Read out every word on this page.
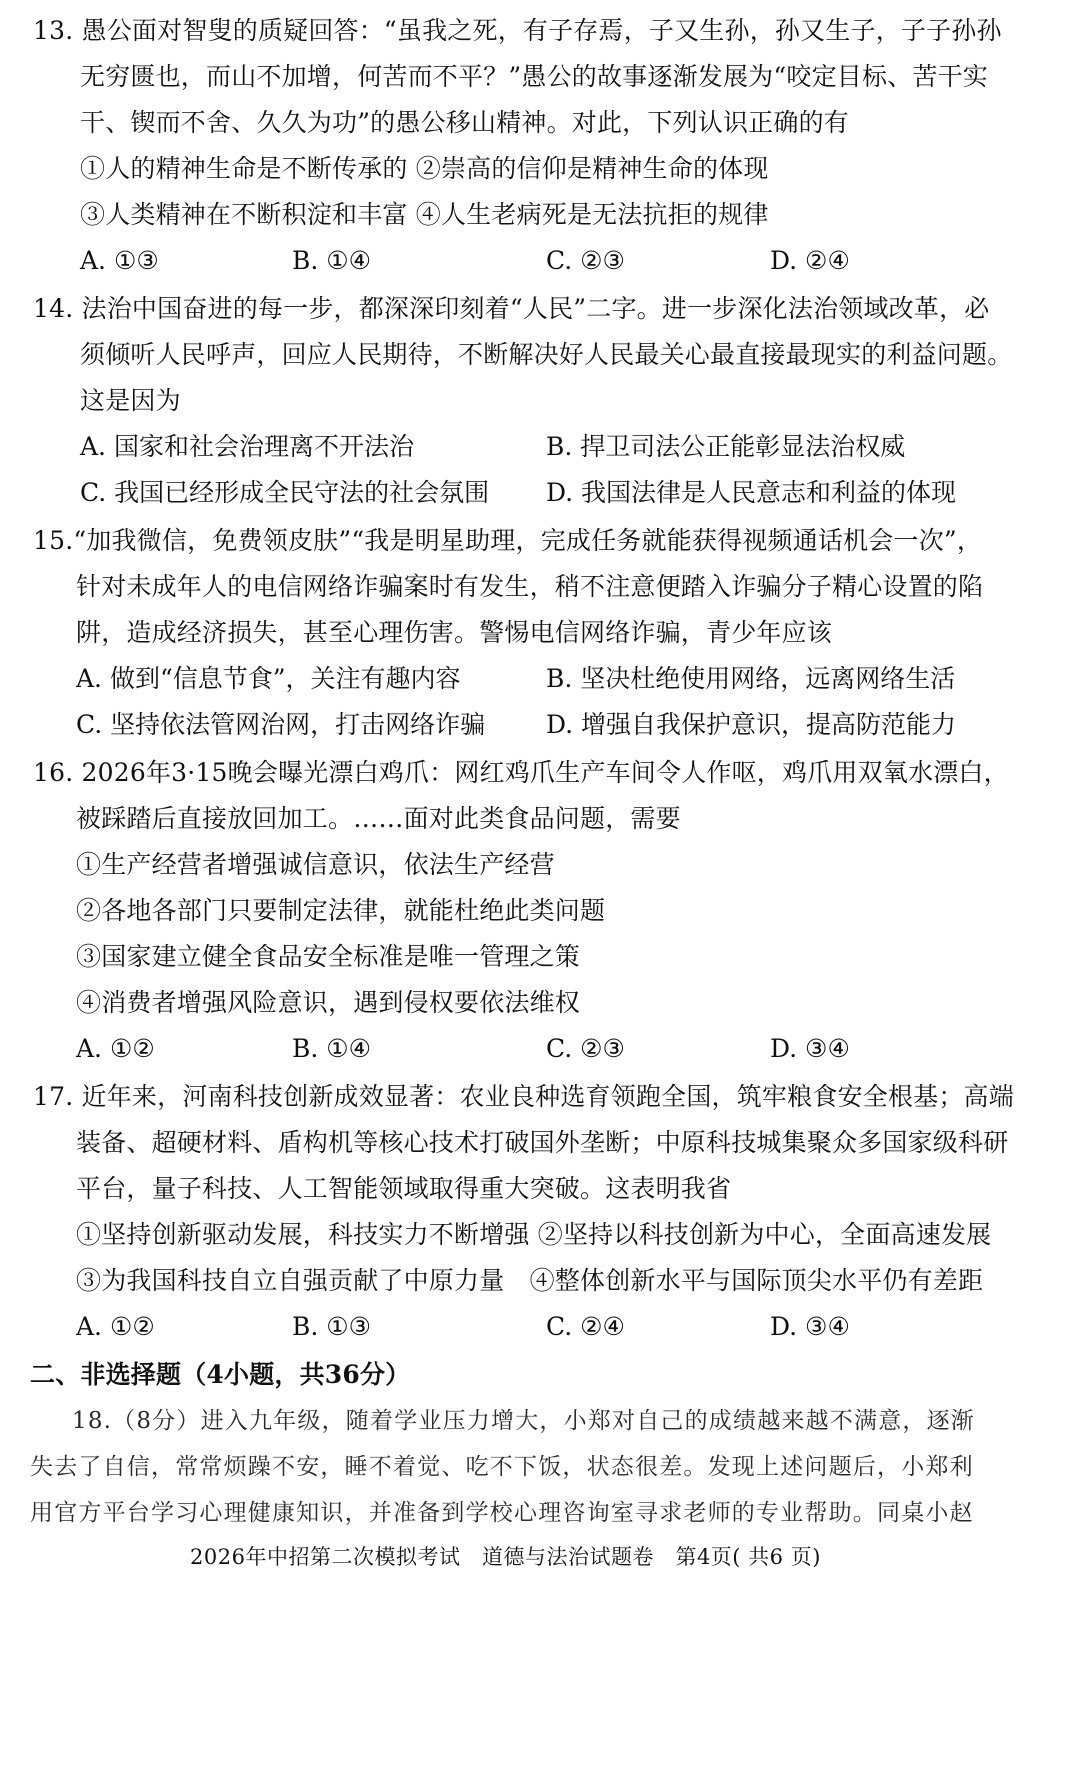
13. 愚公面对智叟的质疑回答：“虽我之死，有子存焉，子又生孙，孙又生子，子子孙孙
无穷匮也，而山不加增，何苦而不平？”愚公的故事逐渐发展为“咬定目标、苦干实
干、锲而不舍、久久为功”的愚公移山精神。对此，下列认识正确的有
①人的精神生命是不断传承的 ②崇高的信仰是精神生命的体现
③人类精神在不断积淀和丰富 ④人生老病死是无法抗拒的规律
A. ①③	B. ①④	C. ②③	D. ②④
14. 法治中国奋进的每一步，都深深印刻着“人民”二字。进一步深化法治领域改革，必
须倾听人民呼声，回应人民期待，不断解决好人民最关心最直接最现实的利益问题。
这是因为
A. 国家和社会治理离不开法治	B. 捍卫司法公正能彰显法治权威
C. 我国已经形成全民守法的社会氛围 D. 我国法律是人民意志和利益的体现
15.“加我微信，免费领皮肤”“我是明星助理，完成任务就能获得视频通话机会一次”，
针对未成年人的电信网络诈骗案时有发生，稍不注意便踏入诈骗分子精心设置的陷
阱，造成经济损失，甚至心理伤害。警惕电信网络诈骗，青少年应该
A. 做到“信息节食”，关注有趣内容	B. 坚决杜绝使用网络，远离网络生活
C. 坚持依法管网治网，打击网络诈骗 D. 增强自我保护意识，提高防范能力
16. 2026年3·15晚会曝光漂白鸡爪：网红鸡爪生产车间令人作呕，鸡爪用双氧水漂白，
被踩踏后直接放回加工。……面对此类食品问题，需要
①生产经营者增强诚信意识，依法生产经营
②各地各部门只要制定法律，就能杜绝此类问题
③国家建立健全食品安全标准是唯一管理之策
④消费者增强风险意识，遇到侵权要依法维权
A. ①②	B. ①④	C. ②③	D. ③④
17. 近年来，河南科技创新成效显著：农业良种选育领跑全国，筑牢粮食安全根基；高端
装备、超硬材料、盾构机等核心技术打破国外垄断；中原科技城集聚众多国家级科研
平台，量子科技、人工智能领域取得重大突破。这表明我省
①坚持创新驱动发展，科技实力不断增强 ②坚持以科技创新为中心，全面高速发展
③为我国科技自立自强贡献了中原力量　④整体创新水平与国际顶尖水平仍有差距
A. ①②	B. ①③	C. ②④	D. ③④
二、非选择题（4小题，共36分）
18.（8分）进入九年级，随着学业压力增大，小郑对自己的成绩越来越不满意，逐渐
失去了自信，常常烦躁不安，睡不着觉、吃不下饭，状态很差。发现上述问题后，小郑利
用官方平台学习心理健康知识，并准备到学校心理咨询室寻求老师的专业帮助。同桌小赵
2026年中招第二次模拟考试　道德与法治试题卷　第4页( 共6 页)
